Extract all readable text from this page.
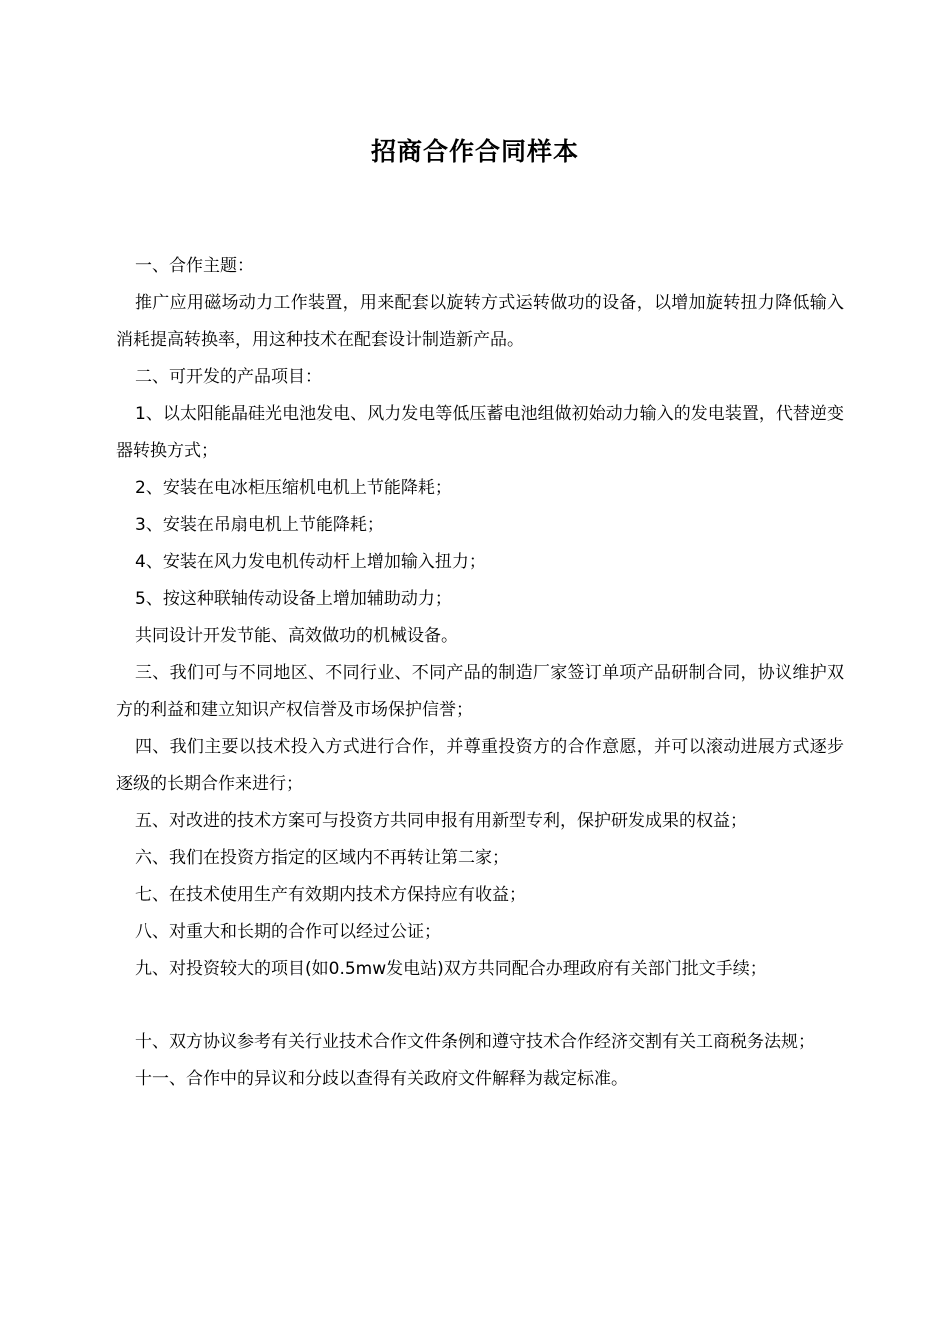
招商合作合同样本

一、合作主题：

推广应用磁场动力工作装置，用来配套以旋转方式运转做功的设备，以增加旋转扭力降低输入消耗提高转换率，用这种技术在配套设计制造新产品。

二、可开发的产品项目：

1、以太阳能晶硅光电池发电、风力发电等低压蓄电池组做初始动力输入的发电装置，代替逆变器转换方式；

2、安装在电冰柜压缩机电机上节能降耗；

3、安装在吊扇电机上节能降耗；

4、安装在风力发电机传动杆上增加输入扭力；

5、按这种联轴传动设备上增加辅助动力；

共同设计开发节能、高效做功的机械设备。

三、我们可与不同地区、不同行业、不同产品的制造厂家签订单项产品研制合同，协议维护双方的利益和建立知识产权信誉及市场保护信誉；

四、我们主要以技术投入方式进行合作，并尊重投资方的合作意愿，并可以滚动进展方式逐步逐级的长期合作来进行；

五、对改进的技术方案可与投资方共同申报有用新型专利，保护研发成果的权益；

六、我们在投资方指定的区域内不再转让第二家；

七、在技术使用生产有效期内技术方保持应有收益；

八、对重大和长期的合作可以经过公证；

九、对投资较大的项目(如0.5mw发电站)双方共同配合办理政府有关部门批文手续；

十、双方协议参考有关行业技术合作文件条例和遵守技术合作经济交割有关工商税务法规；

十一、合作中的异议和分歧以查得有关政府文件解释为裁定标准。
